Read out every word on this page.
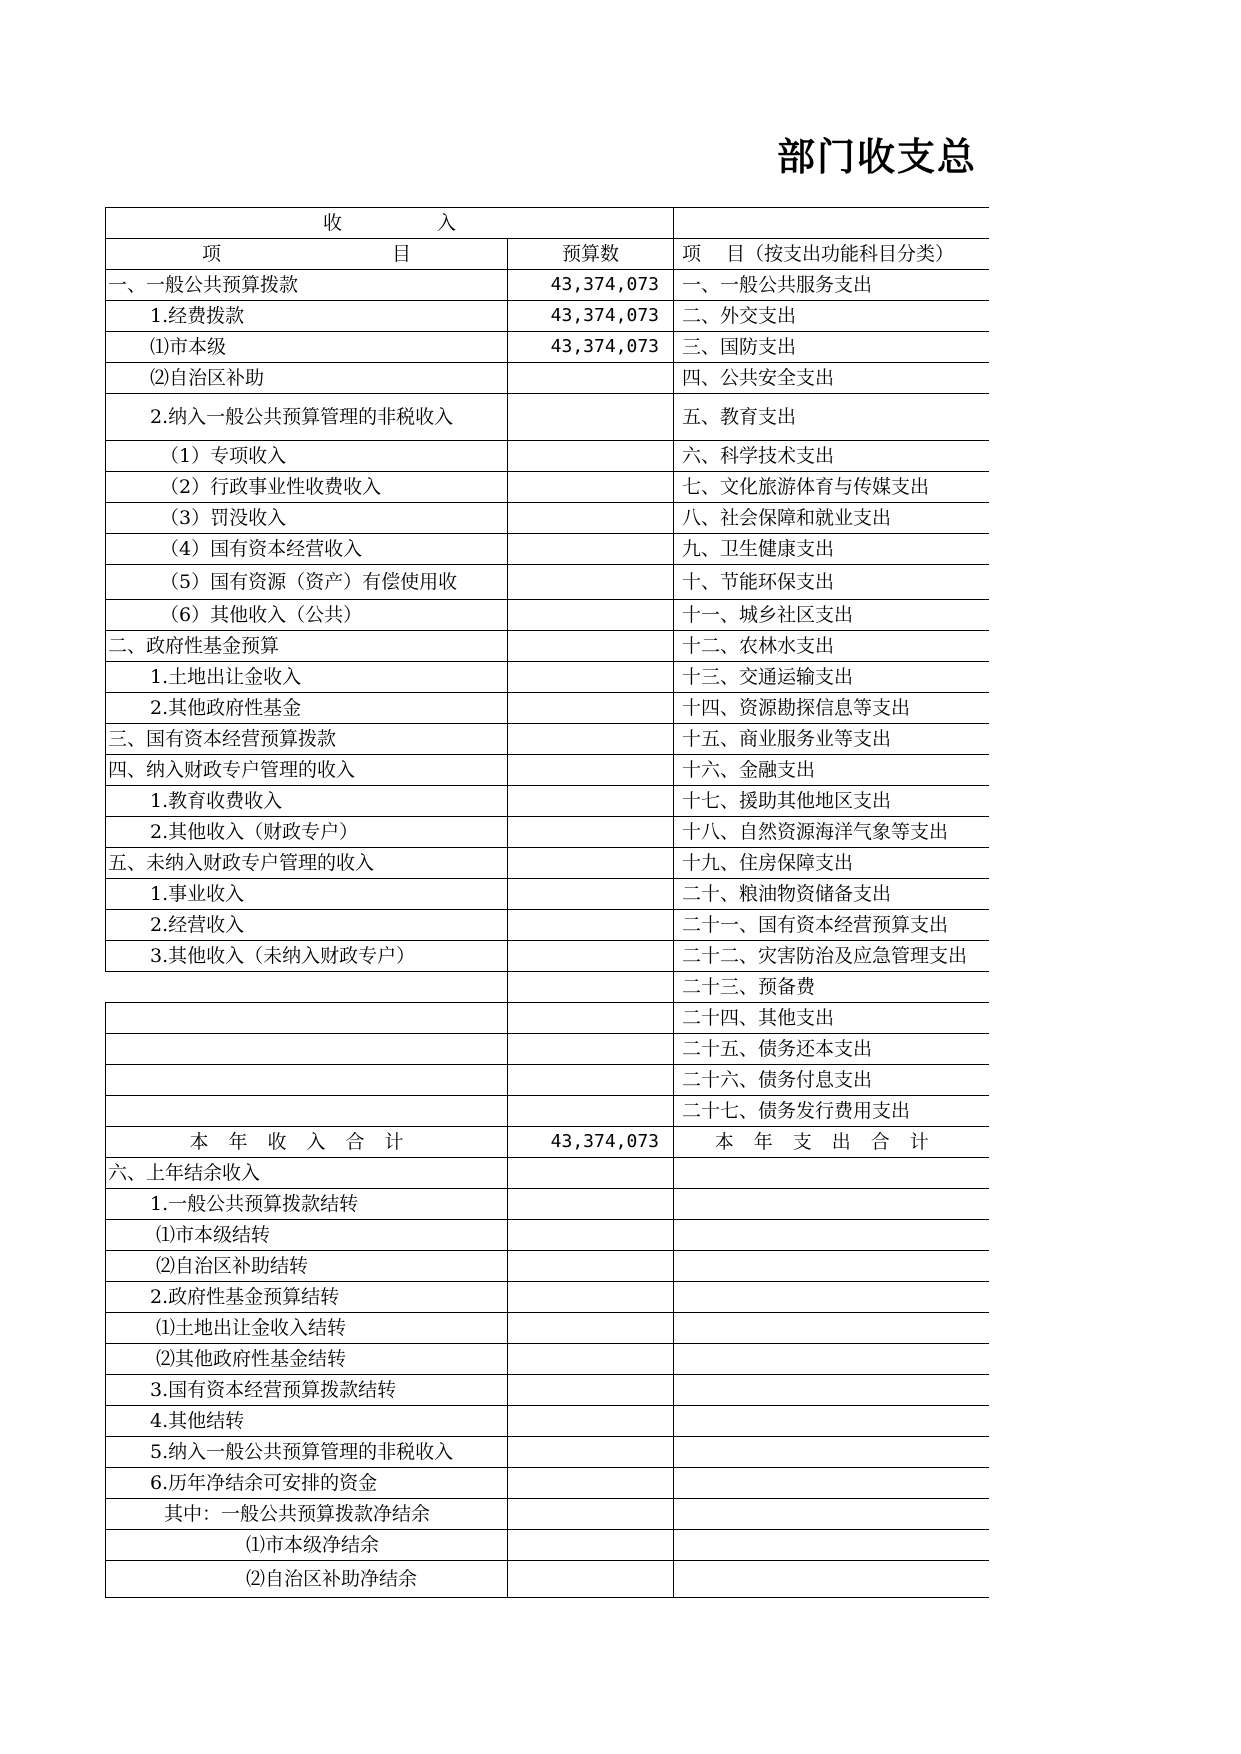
部门收支总
收　　　　　入		
项　　　　　　　　　目	预算数	项　 目（按支出功能科目分类）
一、一般公共预算拨款	43,374,073	一、一般公共服务支出
1.经费拨款	43,374,073	二、外交支出
⑴市本级	43,374,073	三、国防支出
⑵自治区补助		四、公共安全支出
2.纳入一般公共预算管理的非税收入		五、教育支出
（1）专项收入		六、科学技术支出
（2）行政事业性收费收入		七、文化旅游体育与传媒支出
（3）罚没收入		八、社会保障和就业支出
（4）国有资本经营收入		九、卫生健康支出
（5）国有资源（资产）有偿使用收		十、节能环保支出
（6）其他收入（公共）		十一、城乡社区支出
二、政府性基金预算		十二、农林水支出
1.土地出让金收入		十三、交通运输支出
2.其他政府性基金		十四、资源勘探信息等支出
三、国有资本经营预算拨款		十五、商业服务业等支出
四、纳入财政专户管理的收入		十六、金融支出
1.教育收费收入		十七、援助其他地区支出
2.其他收入（财政专户）		十八、自然资源海洋气象等支出
五、未纳入财政专户管理的收入		十九、住房保障支出
1.事业收入		二十、粮油物资储备支出
2.经营收入		二十一、国有资本经营预算支出
3.其他收入（未纳入财政专户）		二十二、灾害防治及应急管理支出
		二十三、预备费
		二十四、其他支出
		二十五、债务还本支出
		二十六、债务付息支出
		二十七、债务发行费用支出
本年收入合计	43,374,073	本年支出合计
六、上年结余收入		
1.一般公共预算拨款结转		
⑴市本级结转		
⑵自治区补助结转		
2.政府性基金预算结转		
⑴土地出让金收入结转		
⑵其他政府性基金结转		
3.国有资本经营预算拨款结转		
4.其他结转		
5.纳入一般公共预算管理的非税收入		
6.历年净结余可安排的资金		
其中：一般公共预算拨款净结余		
⑴市本级净结余		
⑵自治区补助净结余		
